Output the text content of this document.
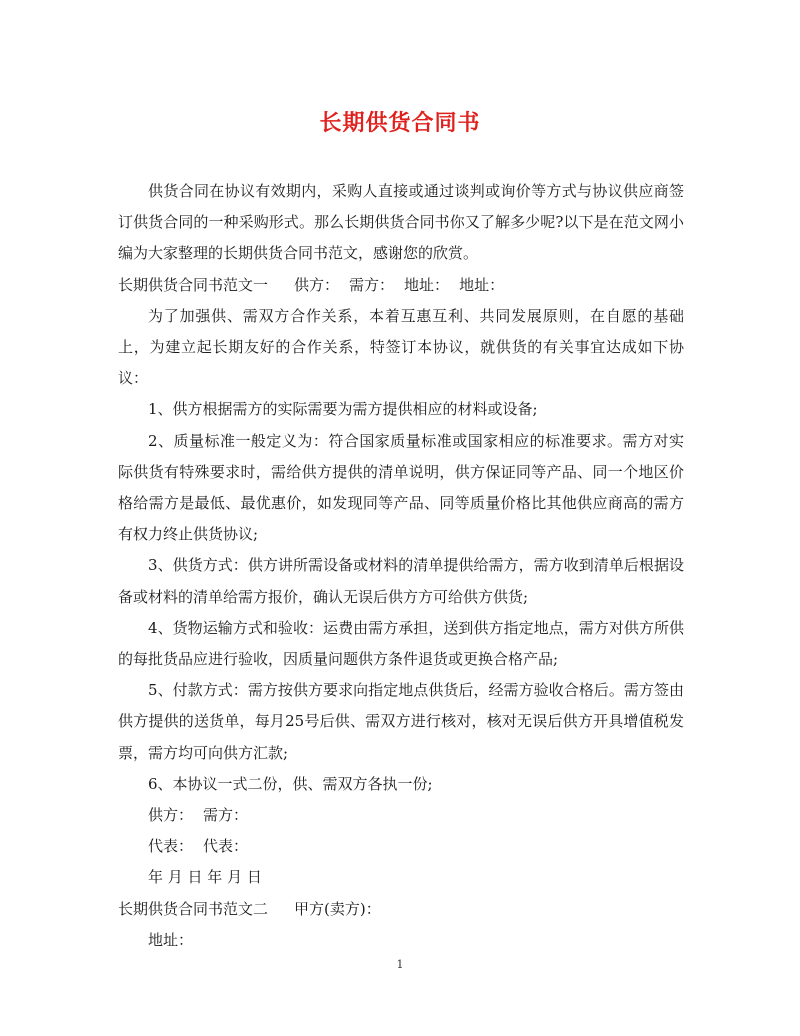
长期供货合同书

供货合同在协议有效期内，采购人直接或通过谈判或询价等方式与协议供应商签订供货合同的一种采购形式。那么长期供货合同书你又了解多少呢?以下是在范文网小编为大家整理的长期供货合同书范文，感谢您的欣赏。

长期供货合同书范文一 供方： 需方： 地址： 地址：

为了加强供、需双方合作关系，本着互惠互利、共同发展原则，在自愿的基础上，为建立起长期友好的合作关系，特签订本协议，就供货的有关事宜达成如下协议：

1、供方根据需方的实际需要为需方提供相应的材料或设备;

2、质量标准一般定义为：符合国家质量标准或国家相应的标准要求。需方对实 际供货有特殊要求时，需给供方提供的清单说明，供方保证同等产品、同一个地区价格给需方是最低、最优惠价，如发现同等产品、同等质量价格比其他供应商高的需方有权力终止供货协议;

3、供货方式：供方讲所需设备或材料的清单提供给需方，需方收到清单后根据设备或材料的清单给需方报价，确认无误后供方方可给供方供货;

4、货物运输方式和验收：运费由需方承担，送到供方指定地点，需方对供方所供的每批货品应进行验收，因质量问题供方条件退货或更换合格产品;

5、付款方式：需方按供方要求向指定地点供货后，经需方验收合格后。需方签由供方提供的送货单，每月25号后供、需双方进行核对，核对无误后供方开具增值税发票，需方均可向供方汇款;

6、本协议一式二份，供、需双方各执一份;

供方： 需方：

代表： 代表：

年 月 日 年 月 日

长期供货合同书范文二 甲方(卖方)：

地址：

1
